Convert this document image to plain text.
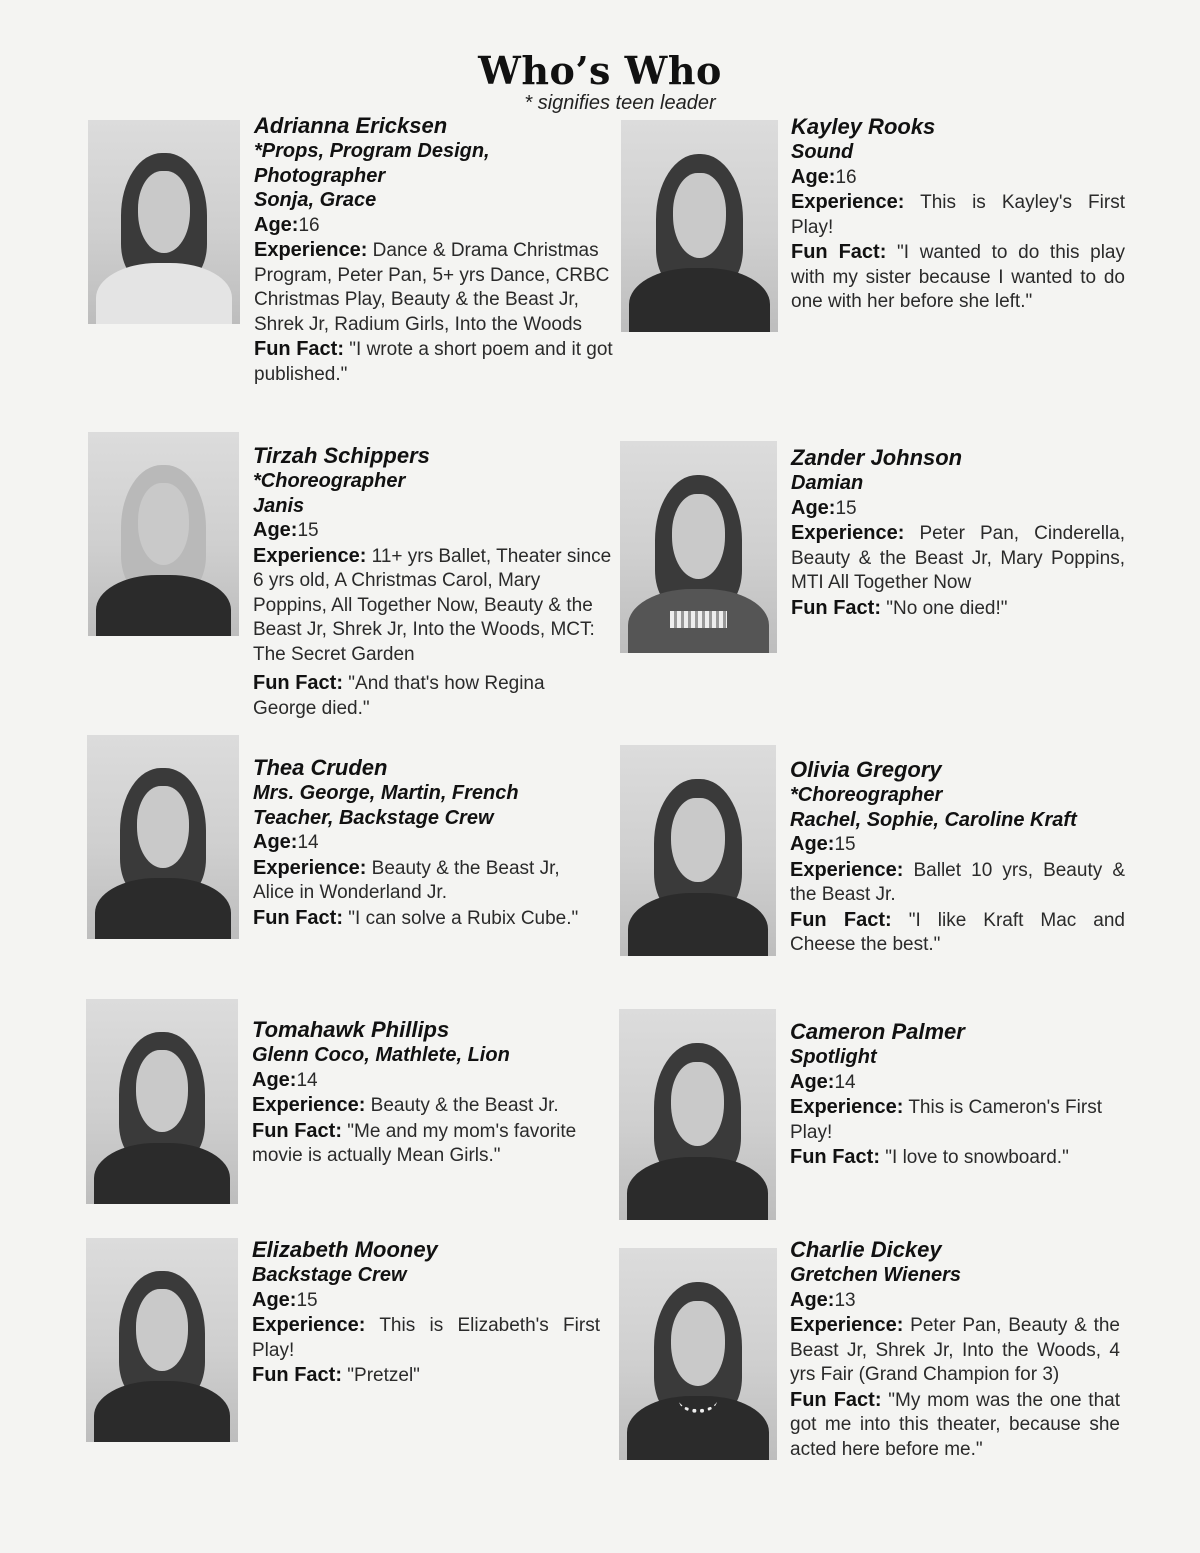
Who’s Who
* signifies teen leader
Adrianna Ericksen
*Props, Program Design,
Photographer
Sonja, Grace
Age:16
Experience: Dance & Drama Christmas Program, Peter Pan, 5+ yrs Dance, CRBC Christmas Play, Beauty & the Beast Jr, Shrek Jr, Radium Girls, Into the Woods
Fun Fact: "I wrote a short poem and it got published."
Kayley Rooks
Sound
Age:16
Experience: This is Kayley's First Play!
Fun Fact: "I wanted to do this play with my sister because I wanted to do one with her before she left."
Tirzah Schippers
*Choreographer
Janis
Age:15
Experience: 11+ yrs Ballet, Theater since 6 yrs old, A Christmas Carol, Mary Poppins, All Together Now, Beauty & the Beast Jr, Shrek Jr, Into the Woods, MCT: The Secret Garden
Fun Fact: "And that's how Regina George died."
Zander Johnson
Damian
Age:15
Experience: Peter Pan, Cinderella, Beauty & the Beast Jr, Mary Poppins, MTI All Together Now
Fun Fact: "No one died!"
Thea Cruden
Mrs. George, Martin, French
Teacher, Backstage Crew
Age:14
Experience: Beauty & the Beast Jr, Alice in Wonderland Jr.
Fun Fact: "I can solve a Rubix Cube."
Olivia Gregory
*Choreographer
Rachel, Sophie, Caroline Kraft
Age:15
Experience: Ballet 10 yrs, Beauty & the Beast Jr.
Fun Fact: "I like Kraft Mac and Cheese the best."
Tomahawk Phillips
Glenn Coco, Mathlete, Lion
Age:14
Experience: Beauty & the Beast Jr.
Fun Fact: "Me and my mom's favorite movie is actually Mean Girls."
Cameron Palmer
Spotlight
Age:14
Experience: This is Cameron's First Play!
Fun Fact: "I love to snowboard."
Elizabeth Mooney
Backstage Crew
Age:15
Experience: This is Elizabeth's First Play!
Fun Fact: "Pretzel"
Charlie Dickey
Gretchen Wieners
Age:13
Experience: Peter Pan, Beauty & the Beast Jr, Shrek Jr, Into the Woods, 4 yrs Fair (Grand Champion for 3)
Fun Fact: "My mom was the one that got me into this theater, because she acted here before me."
